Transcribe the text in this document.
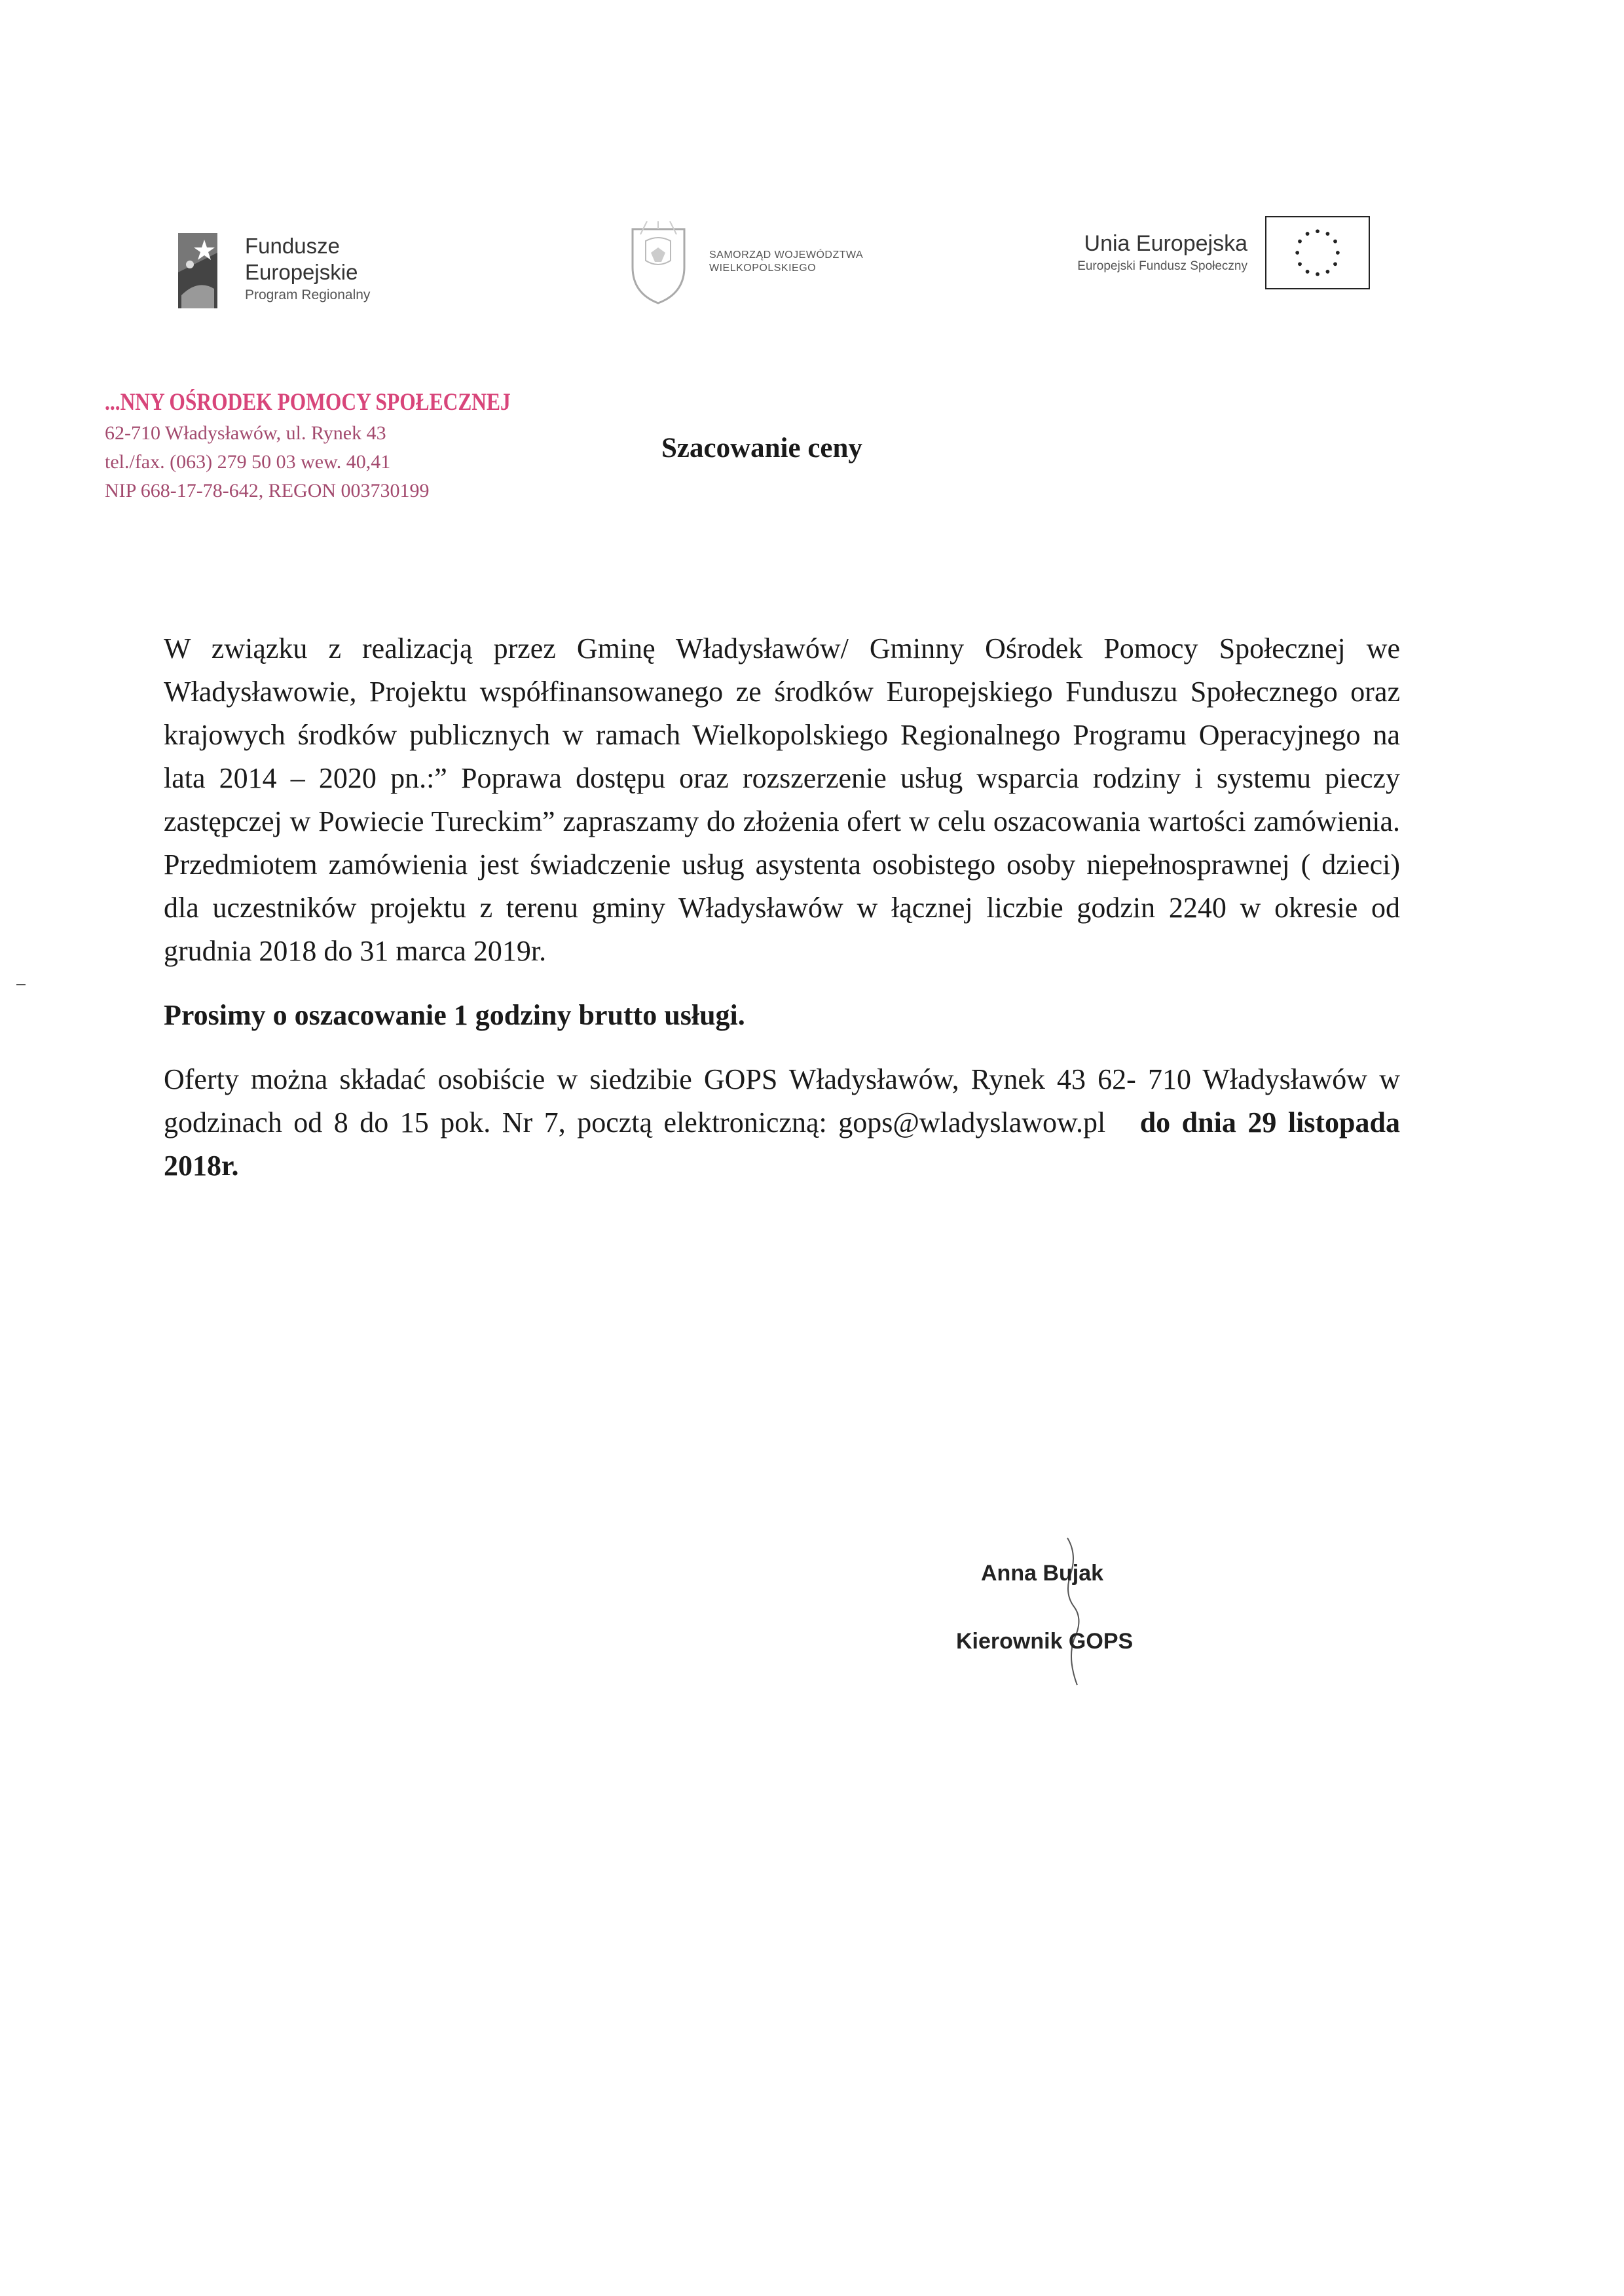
Fundusze
Europejskie
Program Regionalny
SAMORZĄD WOJEWÓDZTWA
WIELKOPOLSKIEGO
Unia Europejska
Europejski Fundusz Społeczny
...NNY OŚRODEK POMOCY SPOŁECZNEJ
62-710 Władysławów, ul. Rynek 43
tel./fax. (063) 279 50 03 wew. 40,41
NIP 668-17-78-642, REGON 003730199
Szacowanie ceny

W związku z realizacją przez Gminę Władysławów/ Gminny Ośrodek Pomocy Społecznej we Władysławowie, Projektu współfinansowanego ze środków Europejskiego Funduszu Społecznego oraz krajowych środków publicznych w ramach Wielkopolskiego Regionalnego Programu Operacyjnego na lata 2014 – 2020 pn.:” Poprawa dostępu oraz rozszerzenie usług wsparcia rodziny i systemu pieczy zastępczej w Powiecie Tureckim” zapraszamy do złożenia ofert w celu oszacowania wartości zamówienia. Przedmiotem zamówienia jest świadczenie usług asystenta osobistego osoby niepełnosprawnej ( dzieci) dla uczestników projektu z terenu gminy Władysławów w łącznej liczbie godzin 2240 w okresie od grudnia 2018 do 31 marca 2019r.

Prosimy o oszacowanie 1 godziny brutto usługi.

Oferty można składać osobiście w siedzibie GOPS Władysławów, Rynek 43 62- 710 Władysławów w godzinach od 8 do 15 pok. Nr 7, pocztą elektroniczną: gops@wladyslawow.pl do dnia 29 listopada 2018r.

Anna Bujak
Kierownik GOPS
